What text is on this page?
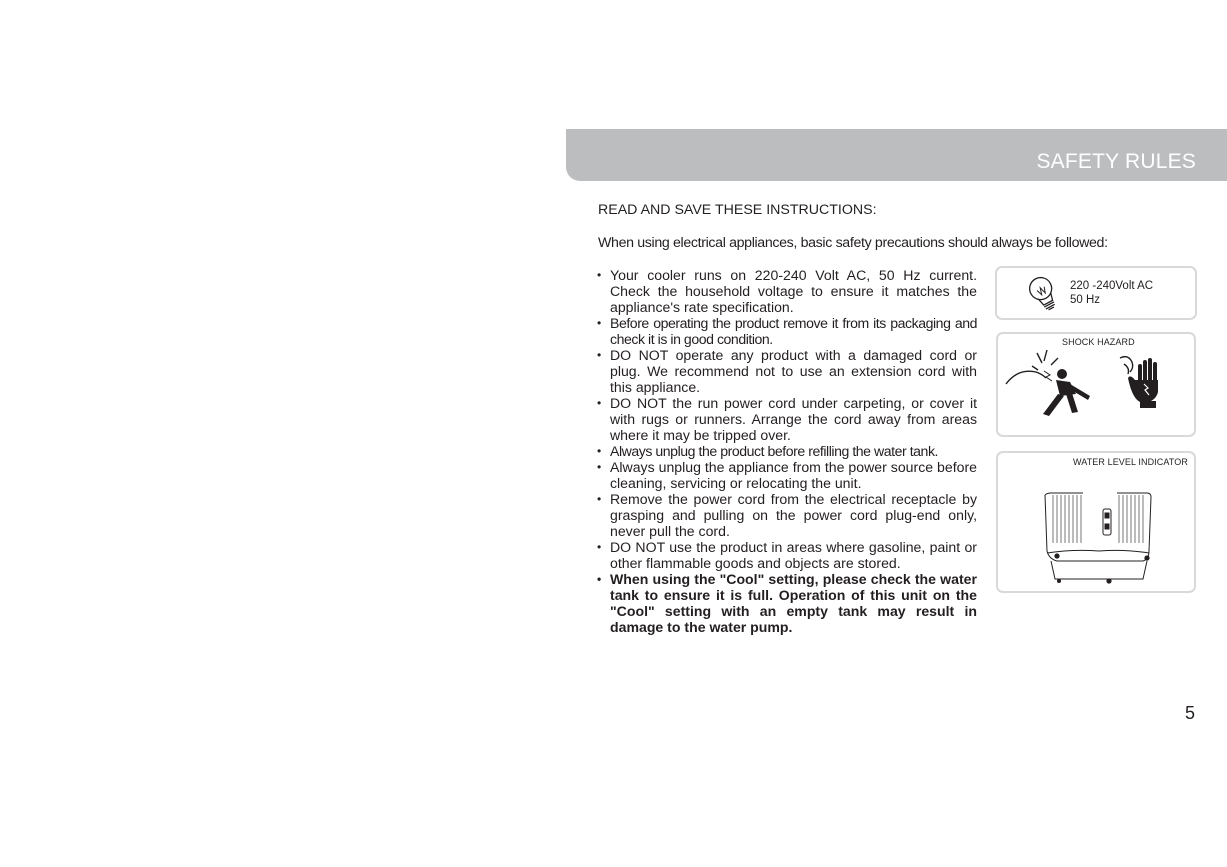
SAFETY RULES
READ AND SAVE THESE INSTRUCTIONS:
When using electrical appliances, basic safety precautions should always be followed:
• Your cooler runs on 220-240 Volt AC, 50 Hz current. Check the household voltage to ensure it matches the appliance's rate specification.
• Before operating the product remove it from its packaging and check it is in good condition.
• DO NOT operate any product with a damaged cord or plug. We recommend not to use an extension cord with this appliance.
• DO NOT the run power cord under carpeting, or cover it with rugs or runners. Arrange the cord away from areas where it may be tripped over.
• Always unplug the product before refilling the water tank.
• Always unplug the appliance from the power source before cleaning, servicing or relocating the unit.
• Remove the power cord from the electrical receptacle by grasping and pulling on the power cord plug-end only, never pull the cord.
• DO NOT use the product in areas where gasoline, paint or other flammable goods and objects are stored.
• When using the "Cool" setting, please check the water tank to ensure it is full. Operation of this unit on the "Cool" setting with an empty tank may result in damage to the water pump.
220 -240Volt AC
50 Hz
SHOCK HAZARD
WATER LEVEL INDICATOR
5
